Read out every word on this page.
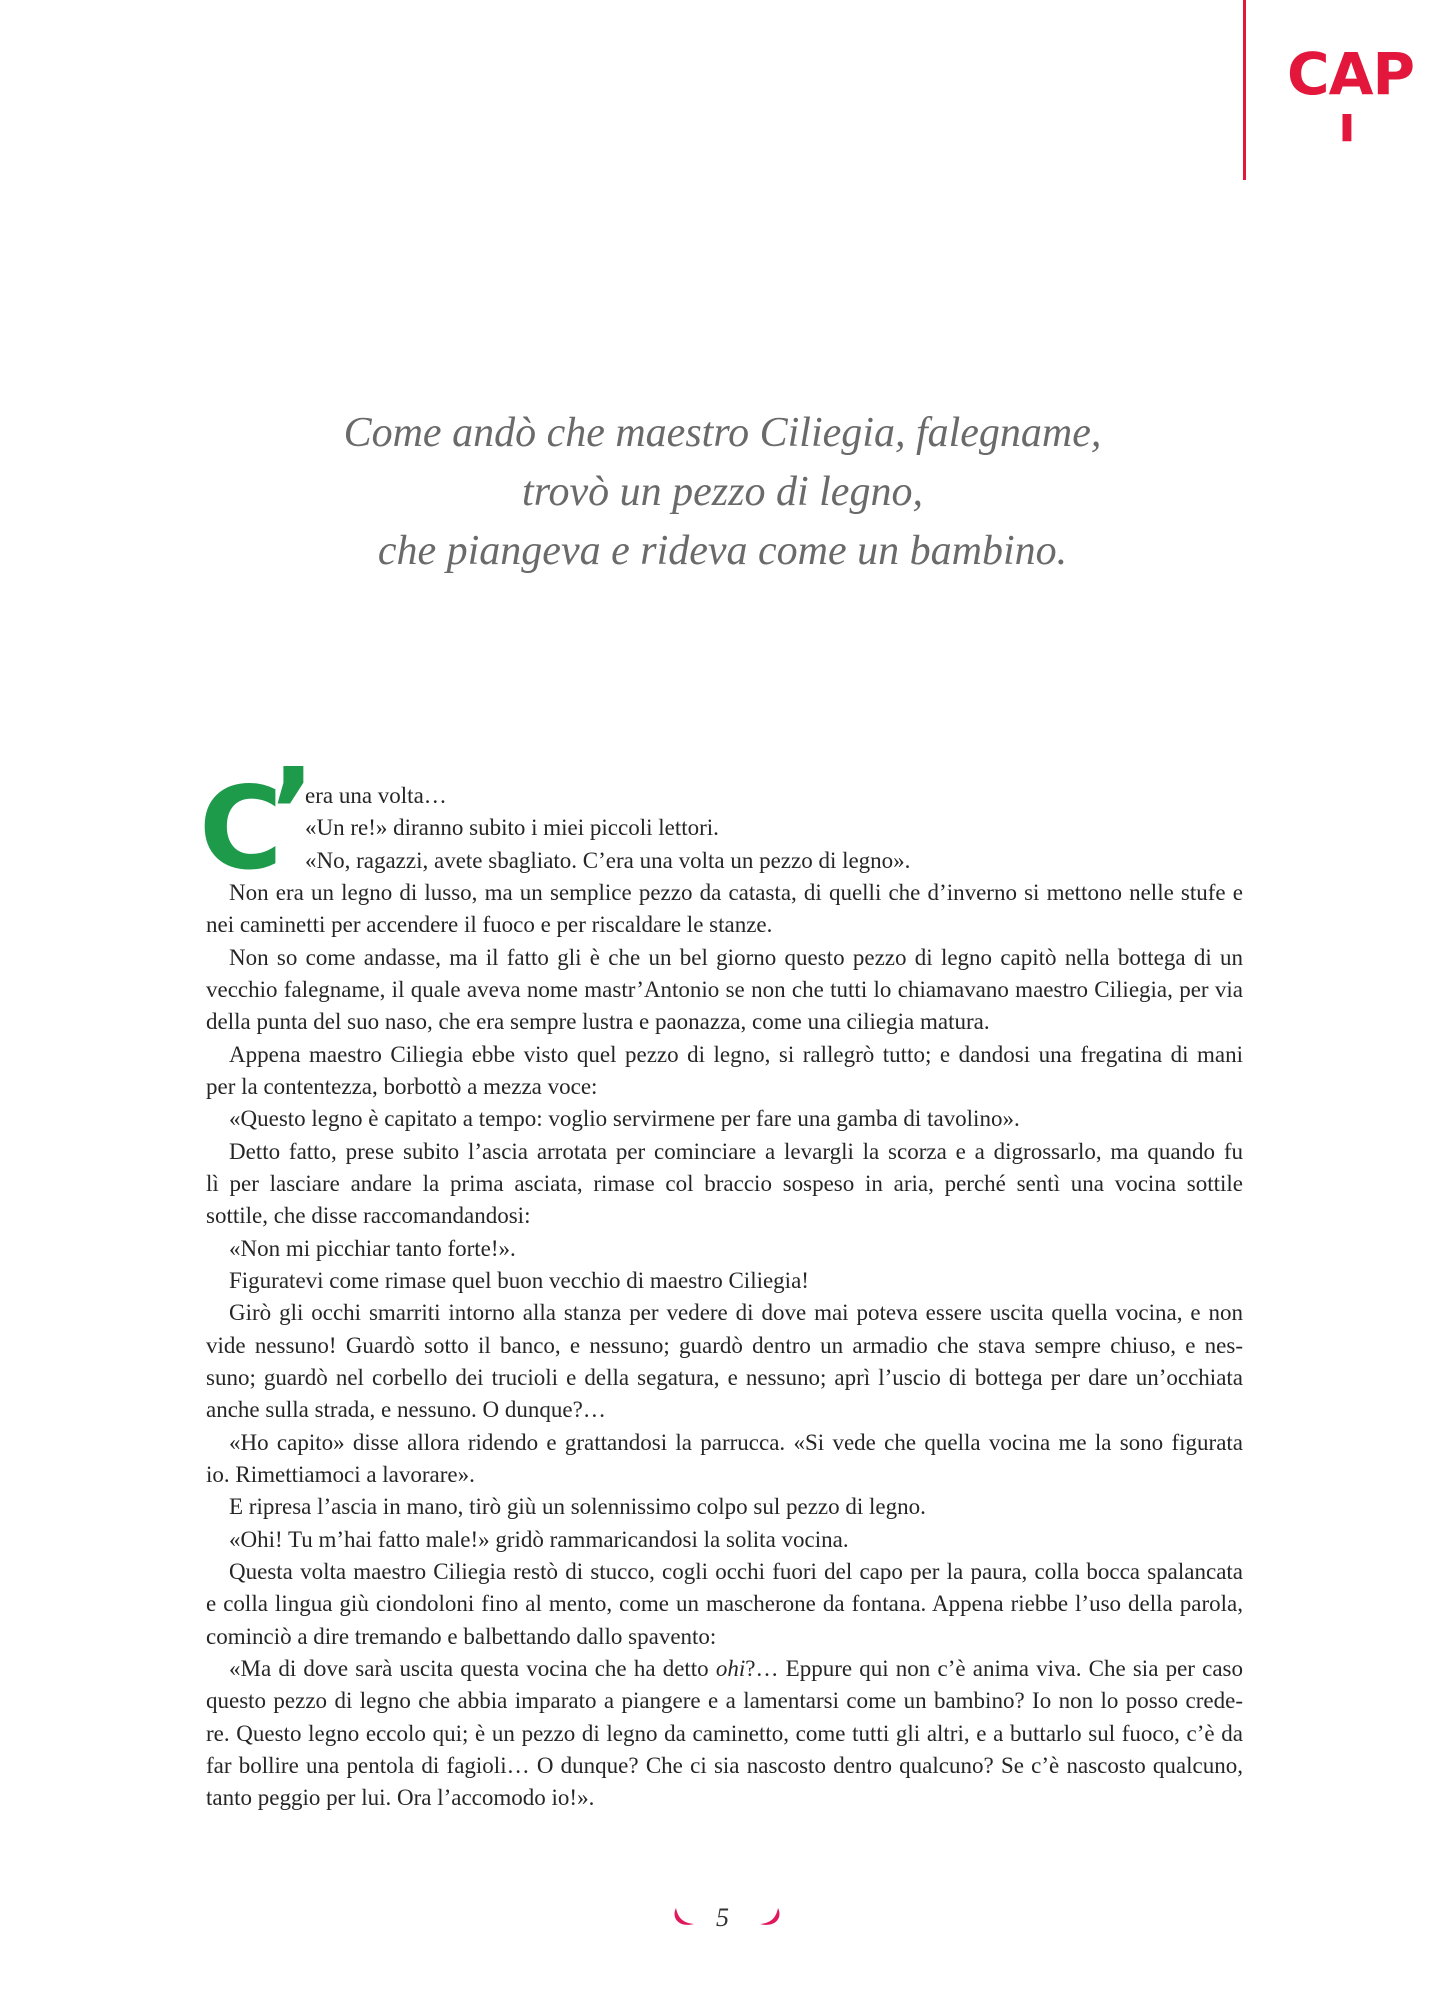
CAP
I
Come andò che maestro Ciliegia, falegname,
trovò un pezzo di legno,
che piangeva e rideva come un bambino.
C
’
era una volta…
«Un re!» diranno subito i miei piccoli lettori.
«No, ragazzi, avete sbagliato. C’era una volta un pezzo di legno».
Non era un legno di lusso, ma un semplice pezzo da catasta, di quelli che d’inverno si mettono nelle stufe e
nei caminetti per accendere il fuoco e per riscaldare le stanze.
Non so come andasse, ma il fatto gli è che un bel giorno questo pezzo di legno capitò nella bottega di un
vecchio falegname, il quale aveva nome mastr’Antonio se non che tutti lo chiamavano maestro Ciliegia, per via
della punta del suo naso, che era sempre lustra e paonazza, come una ciliegia matura.
Appena maestro Ciliegia ebbe visto quel pezzo di legno, si rallegrò tutto; e dandosi una fregatina di mani
per la contentezza, borbottò a mezza voce:
«Questo legno è capitato a tempo: voglio servirmene per fare una gamba di tavolino».
Detto fatto, prese subito l’ascia arrotata per cominciare a levargli la scorza e a digrossarlo, ma quando fu
lì per lasciare andare la prima asciata, rimase col braccio sospeso in aria, perché sentì una vocina sottile
sottile, che disse raccomandandosi:
«Non mi picchiar tanto forte!».
Figuratevi come rimase quel buon vecchio di maestro Ciliegia!
Girò gli occhi smarriti intorno alla stanza per vedere di dove mai poteva essere uscita quella vocina, e non
vide nessuno! Guardò sotto il banco, e nessuno; guardò dentro un armadio che stava sempre chiuso, e nes-
suno; guardò nel corbello dei trucioli e della segatura, e nessuno; aprì l’uscio di bottega per dare un’occhiata
anche sulla strada, e nessuno. O dunque?…
«Ho capito» disse allora ridendo e grattandosi la parrucca. «Si vede che quella vocina me la sono figurata
io. Rimettiamoci a lavorare».
E ripresa l’ascia in mano, tirò giù un solennissimo colpo sul pezzo di legno.
«Ohi! Tu m’hai fatto male!» gridò rammaricandosi la solita vocina.
Questa volta maestro Ciliegia restò di stucco, cogli occhi fuori del capo per la paura, colla bocca spalancata
e colla lingua giù ciondoloni fino al mento, come un mascherone da fontana. Appena riebbe l’uso della parola,
cominciò a dire tremando e balbettando dallo spavento:
«Ma di dove sarà uscita questa vocina che ha detto ohi?… Eppure qui non c’è anima viva. Che sia per caso
questo pezzo di legno che abbia imparato a piangere e a lamentarsi come un bambino? Io non lo posso crede-
re. Questo legno eccolo qui; è un pezzo di legno da caminetto, come tutti gli altri, e a buttarlo sul fuoco, c’è da
far bollire una pentola di fagioli… O dunque? Che ci sia nascosto dentro qualcuno? Se c’è nascosto qualcuno,
tanto peggio per lui. Ora l’accomodo io!».
5
